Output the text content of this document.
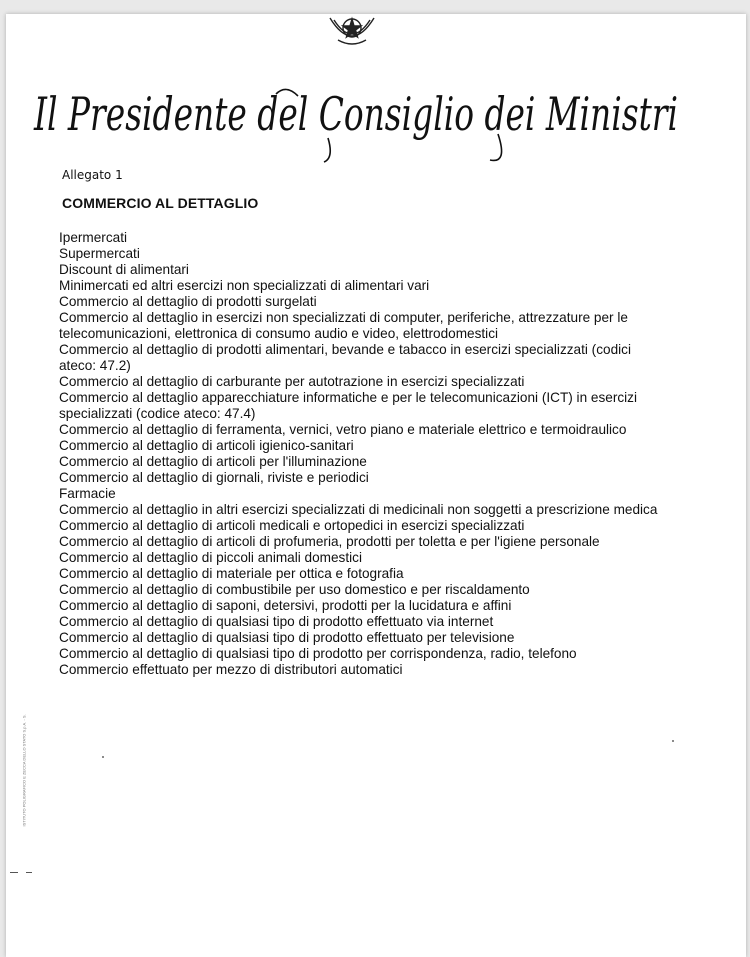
Il Presidente del Consiglio dei Ministri
Allegato 1
COMMERCIO AL DETTAGLIO
Ipermercati
Supermercati
Discount di alimentari
Minimercati ed altri esercizi non specializzati di alimentari vari
Commercio al dettaglio di prodotti surgelati
Commercio al dettaglio in esercizi non specializzati di computer, periferiche, attrezzature per le telecomunicazioni, elettronica di consumo audio e video, elettrodomestici
Commercio al dettaglio di prodotti alimentari, bevande e tabacco in esercizi specializzati (codici ateco: 47.2)
Commercio al dettaglio di carburante per autotrazione in esercizi specializzati
Commercio al dettaglio apparecchiature informatiche e per le telecomunicazioni (ICT) in esercizi specializzati (codice ateco: 47.4)
Commercio al dettaglio di ferramenta, vernici, vetro piano e materiale elettrico e termoidraulico
Commercio al dettaglio di articoli igienico-sanitari
Commercio al dettaglio di articoli per l'illuminazione
Commercio al dettaglio di giornali, riviste e periodici
Farmacie
Commercio al dettaglio in altri esercizi specializzati di medicinali non soggetti a prescrizione medica
Commercio al dettaglio di articoli medicali e ortopedici in esercizi specializzati
Commercio al dettaglio di articoli di profumeria, prodotti per toletta e per l'igiene personale
Commercio al dettaglio di piccoli animali domestici
Commercio al dettaglio di materiale per ottica e fotografia
Commercio al dettaglio di combustibile per uso domestico e per riscaldamento
Commercio al dettaglio di saponi, detersivi, prodotti per la lucidatura e affini
Commercio al dettaglio di qualsiasi tipo di prodotto effettuato via internet
Commercio al dettaglio di qualsiasi tipo di prodotto effettuato per televisione
Commercio al dettaglio di qualsiasi tipo di prodotto per corrispondenza, radio, telefono
Commercio effettuato per mezzo di distributori automatici
ISTITUTO POLIGRAFICO E ZECCA DELLO STATO S.p.A. - S.
